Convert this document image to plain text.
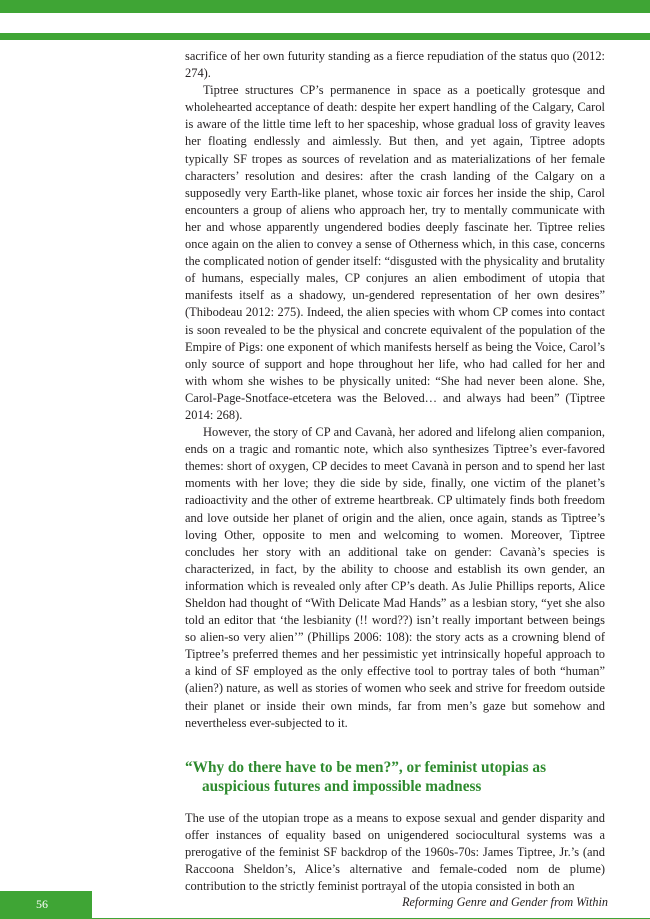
sacrifice of her own futurity standing as a fierce repudiation of the status quo (2012: 274).

Tiptree structures CP’s permanence in space as a poetically grotesque and wholehearted acceptance of death: despite her expert handling of the Calgary, Carol is aware of the little time left to her spaceship, whose gradual loss of gravity leaves her floating endlessly and aimlessly. But then, and yet again, Tiptree adopts typically SF tropes as sources of revelation and as materializations of her female characters’ resolution and desires: after the crash landing of the Calgary on a supposedly very Earth-like planet, whose toxic air forces her inside the ship, Carol encounters a group of aliens who approach her, try to mentally communicate with her and whose apparently ungendered bodies deeply fascinate her. Tiptree relies once again on the alien to convey a sense of Otherness which, in this case, concerns the complicated notion of gender itself: “disgusted with the physicality and brutality of humans, especially males, CP conjures an alien embodiment of utopia that manifests itself as a shadowy, un-gendered representation of her own desires” (Thibodeau 2012: 275). Indeed, the alien species with whom CP comes into contact is soon revealed to be the physical and concrete equivalent of the population of the Empire of Pigs: one exponent of which manifests herself as being the Voice, Carol’s only source of support and hope throughout her life, who had called for her and with whom she wishes to be physically united: “She had never been alone. She, Carol-Page-Snotface-etcetera was the Beloved… and always had been” (Tiptree 2014: 268).

However, the story of CP and Cavanà, her adored and lifelong alien companion, ends on a tragic and romantic note, which also synthesizes Tiptree’s ever-favored themes: short of oxygen, CP decides to meet Cavanà in person and to spend her last moments with her love; they die side by side, finally, one victim of the planet’s radioactivity and the other of extreme heartbreak. CP ultimately finds both freedom and love outside her planet of origin and the alien, once again, stands as Tiptree’s loving Other, opposite to men and welcoming to women. Moreover, Tiptree concludes her story with an additional take on gender: Cavanà’s species is characterized, in fact, by the ability to choose and establish its own gender, an information which is revealed only after CP’s death. As Julie Phillips reports, Alice Sheldon had thought of “With Delicate Mad Hands” as a lesbian story, “yet she also told an editor that ‘the lesbianity (!! word??) isn’t really important between beings so alien-so very alien’” (Phillips 2006: 108): the story acts as a crowning blend of Tiptree’s preferred themes and her pessimistic yet intrinsically hopeful approach to a kind of SF employed as the only effective tool to portray tales of both “human” (alien?) nature, as well as stories of women who seek and strive for freedom outside their planet or inside their own minds, far from men’s gaze but somehow and nevertheless ever-subjected to it.

“Why do there have to be men?”, or feminist utopias as auspicious futures and impossible madness

The use of the utopian trope as a means to expose sexual and gender disparity and offer instances of equality based on unigendered sociocultural systems was a prerogative of the feminist SF backdrop of the 1960s-70s: James Tiptree, Jr.’s (and Raccoona Sheldon’s, Alice’s alternative and female-coded nom de plume) contribution to the strictly feminist portrayal of the utopia consisted in both an

56	Reforming Genre and Gender from Within
